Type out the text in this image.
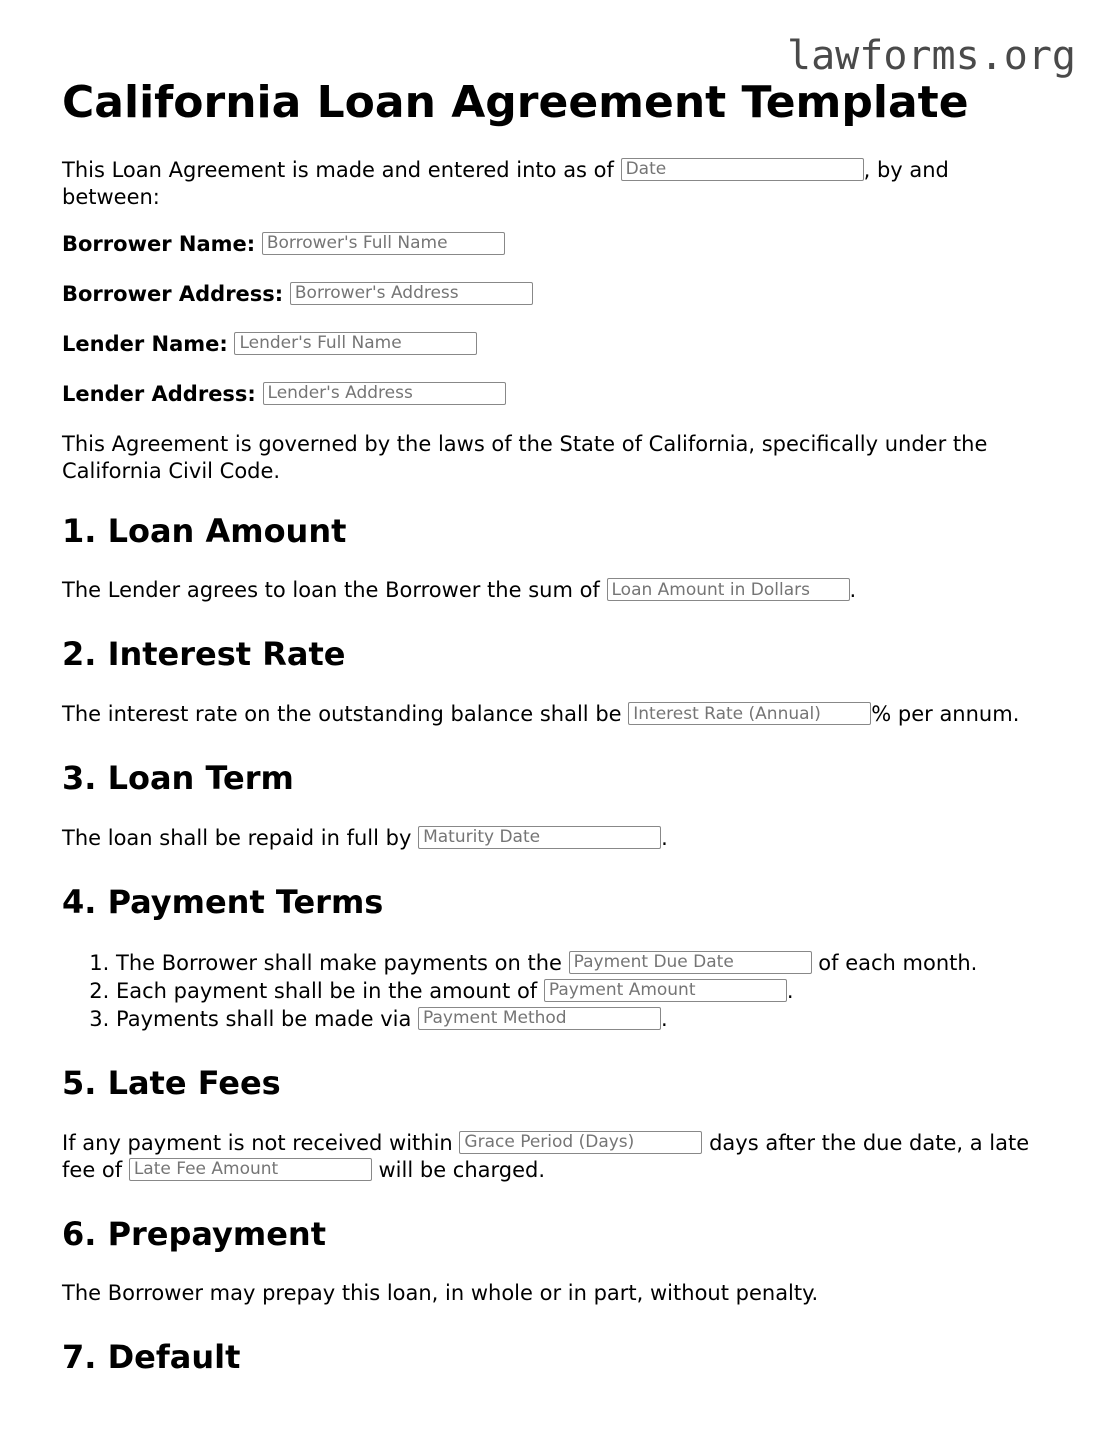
lawforms.org
California Loan Agreement Template

This Loan Agreement is made and entered into as of Date	, by and between:

Borrower Name: Borrower's Full Name
Borrower Address: Borrower's Address
Lender Name: Lender's Full Name
Lender Address: Lender's Address

This Agreement is governed by the laws of the State of California, specifically under the California Civil Code.

1. Loan Amount

The Lender agrees to loan the Borrower the sum of Loan Amount in Dollars	.

2. Interest Rate

The interest rate on the outstanding balance shall be Interest Rate (Annual)	% per annum.

3. Loan Term

The loan shall be repaid in full by Maturity Date	.

4. Payment Terms
1. The Borrower shall make payments on the Payment Due Date	of each month.
2. Each payment shall be in the amount of Payment Amount	.
3. Payments shall be made via Payment Method	.
5. Late Fees

If any payment is not received within Grace Period (Days)	days after the due date, a late fee of Late Fee Amount	will be charged.

6. Prepayment

The Borrower may prepay this loan, in whole or in part, without penalty.

7. Default
